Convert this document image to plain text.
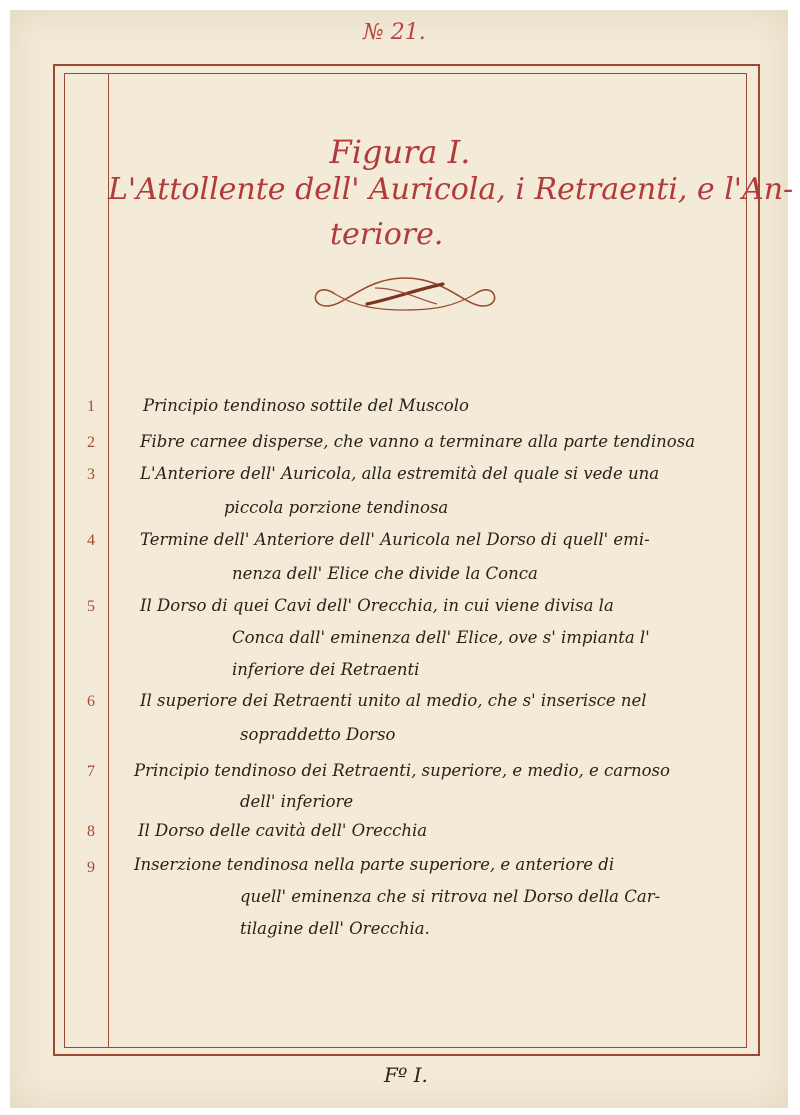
№ 21.
Figura I.
L'Attollente dell' Auricola, i Retraenti, e l'An-
teriore.
1	Principio tendinoso sottile del Muscolo
2	Fibre carnee disperse, che vanno a terminare alla parte tendinosa
3	L'Anteriore dell' Auricola, alla estremità del quale si vede una
piccola porzione tendinosa
4	Termine dell' Anteriore dell' Auricola nel Dorso di quell' emi-
nenza dell' Elice che divide la Conca
5	Il Dorso di quei Cavi dell' Orecchia, in cui viene divisa la
Conca dall' eminenza dell' Elice, ove s' impianta l'
inferiore dei Retraenti
6	Il superiore dei Retraenti unito al medio, che s' inserisce nel
sopraddetto Dorso
7	Principio tendinoso dei Retraenti, superiore, e medio, e carnoso
dell' inferiore
8	Il Dorso delle cavità dell' Orecchia
9	Inserzione tendinosa nella parte superiore, e anteriore di
quell' eminenza che si ritrova nel Dorso della Car-
tilagine dell' Orecchia.
Fº I.
